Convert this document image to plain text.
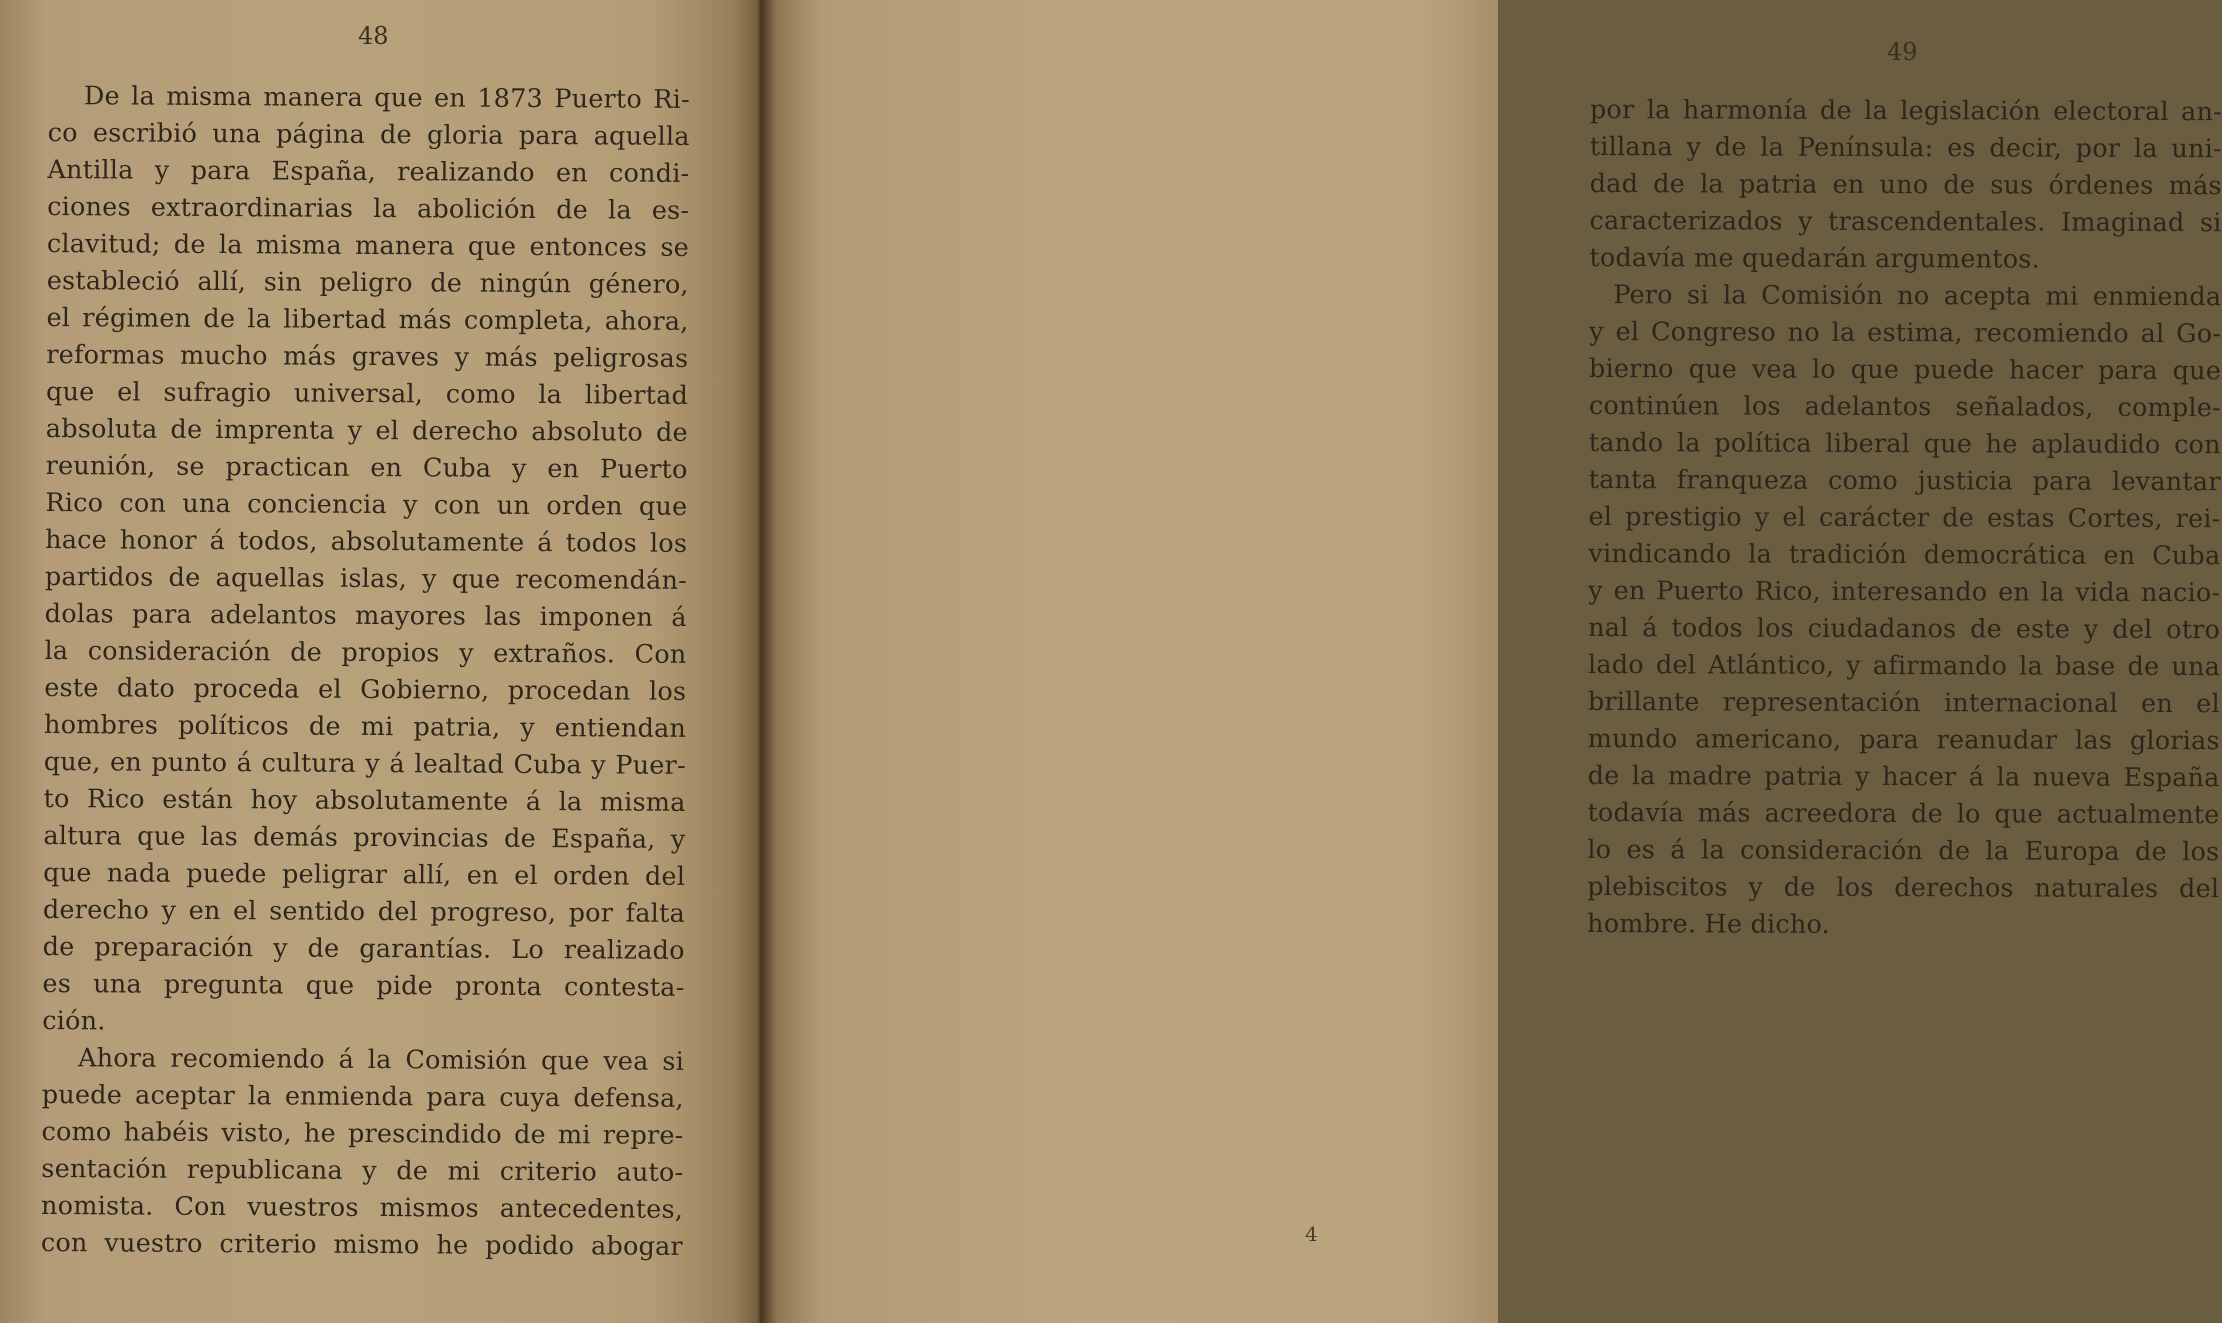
48
De la misma manera que en 1873 Puerto Ri-
co escribió una página de gloria para aquella
Antilla y para España, realizando en condi-
ciones extraordinarias la abolición de la es-
clavitud; de la misma manera que entonces se
estableció allí, sin peligro de ningún género,
el régimen de la libertad más completa, ahora,
reformas mucho más graves y más peligrosas
que el sufragio universal, como la libertad
absoluta de imprenta y el derecho absoluto de
reunión, se practican en Cuba y en Puerto
Rico con una conciencia y con un orden que
hace honor á todos, absolutamente á todos los
partidos de aquellas islas, y que recomendán-
dolas para adelantos mayores las imponen á
la consideración de propios y extraños. Con
este dato proceda el Gobierno, procedan los
hombres políticos de mi patria, y entiendan
que, en punto á cultura y á lealtad Cuba y Puer-
to Rico están hoy absolutamente á la misma
altura que las demás provincias de España, y
que nada puede peligrar allí, en el orden del
derecho y en el sentido del progreso, por falta
de preparación y de garantías. Lo realizado
es una pregunta que pide pronta contesta-
ción.
Ahora recomiendo á la Comisión que vea si
puede aceptar la enmienda para cuya defensa,
como habéis visto, he prescindido de mi repre-
sentación republicana y de mi criterio auto-
nomista. Con vuestros mismos antecedentes,
con vuestro criterio mismo he podido abogar
49
por la harmonía de la legislación electoral an-
tillana y de la Península: es decir, por la uni-
dad de la patria en uno de sus órdenes más
caracterizados y trascendentales. Imaginad si
todavía me quedarán argumentos.
Pero si la Comisión no acepta mi enmienda
y el Congreso no la estima, recomiendo al Go-
bierno que vea lo que puede hacer para que
continúen los adelantos señalados, comple-
tando la política liberal que he aplaudido con
tanta franqueza como justicia para levantar
el prestigio y el carácter de estas Cortes, rei-
vindicando la tradición democrática en Cuba
y en Puerto Rico, interesando en la vida nacio-
nal á todos los ciudadanos de este y del otro
lado del Atlántico, y afirmando la base de una
brillante representación internacional en el
mundo americano, para reanudar las glorias
de la madre patria y hacer á la nueva España
todavía más acreedora de lo que actualmente
lo es á la consideración de la Europa de los
plebiscitos y de los derechos naturales del
hombre. He dicho.
4
